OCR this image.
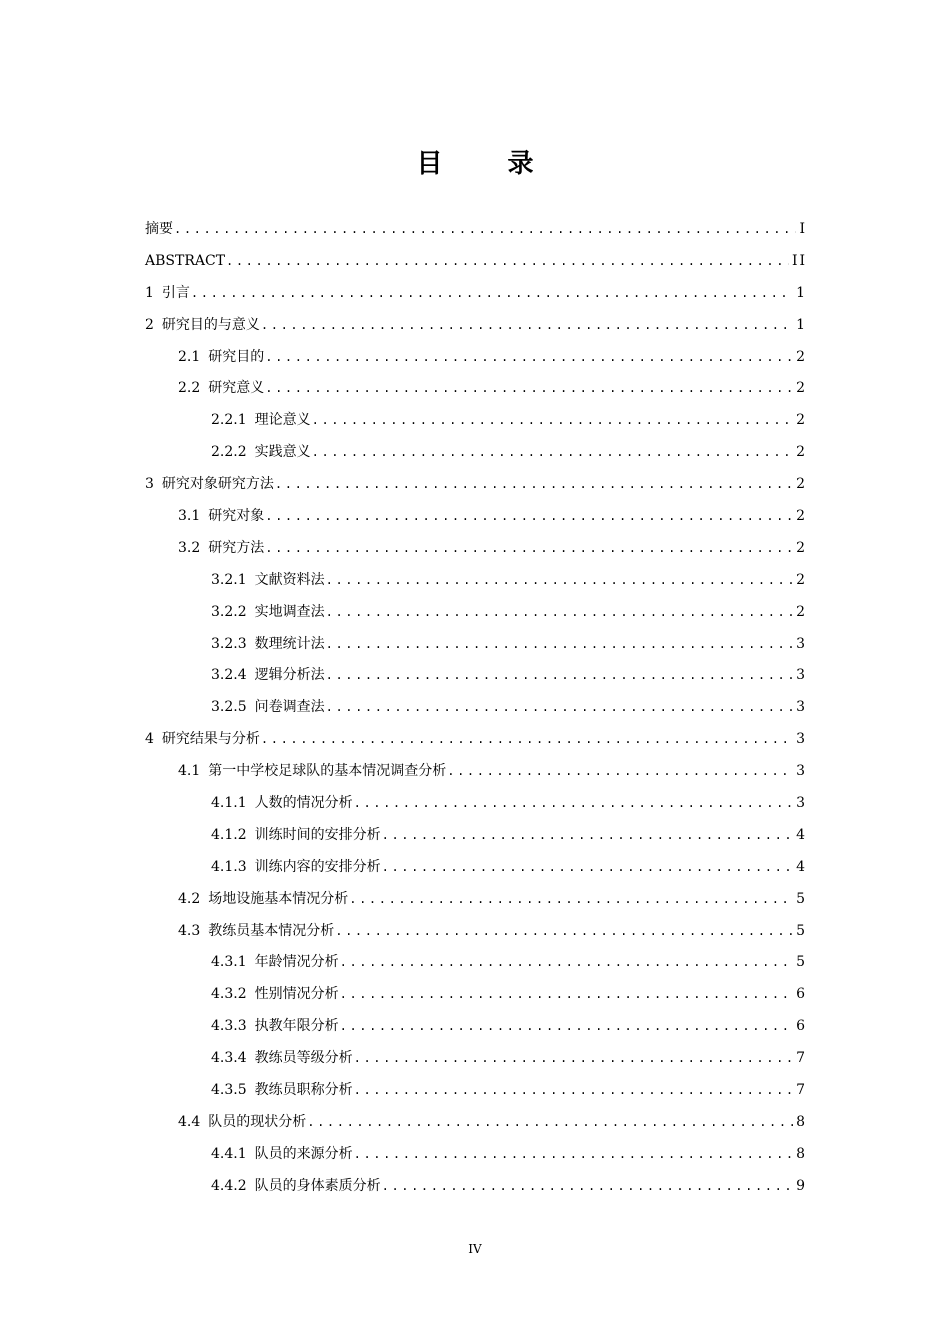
目 录
摘要 .....	I
ABSTRACT .....	II
1 引言 .....	1
2 研究目的与意义 .....	1
2.1 研究目的 .....	2
2.2 研究意义 .....	2
2.2.1 理论意义 .....	2
2.2.2 实践意义 .....	2
3 研究对象研究方法 .....	2
3.1 研究对象 .....	2
3.2 研究方法 .....	2
3.2.1 文献资料法 .....	2
3.2.2 实地调查法 .....	2
3.2.3 数理统计法 .....	3
3.2.4 逻辑分析法 .....	3
3.2.5 问卷调查法 .....	3
4 研究结果与分析 .....	3
4.1 第一中学校足球队的基本情况调查分析 .....	3
4.1.1 人数的情况分析 .....	3
4.1.2 训练时间的安排分析 .....	4
4.1.3 训练内容的安排分析 .....	4
4.2 场地设施基本情况分析 .....	5
4.3 教练员基本情况分析 .....	5
4.3.1 年龄情况分析 .....	5
4.3.2 性别情况分析 .....	6
4.3.3 执教年限分析 .....	6
4.3.4 教练员等级分析 .....	7
4.3.5 教练员职称分析 .....	7
4.4 队员的现状分析 .....	8
4.4.1 队员的来源分析 .....	8
4.4.2 队员的身体素质分析 .....	9
IV
